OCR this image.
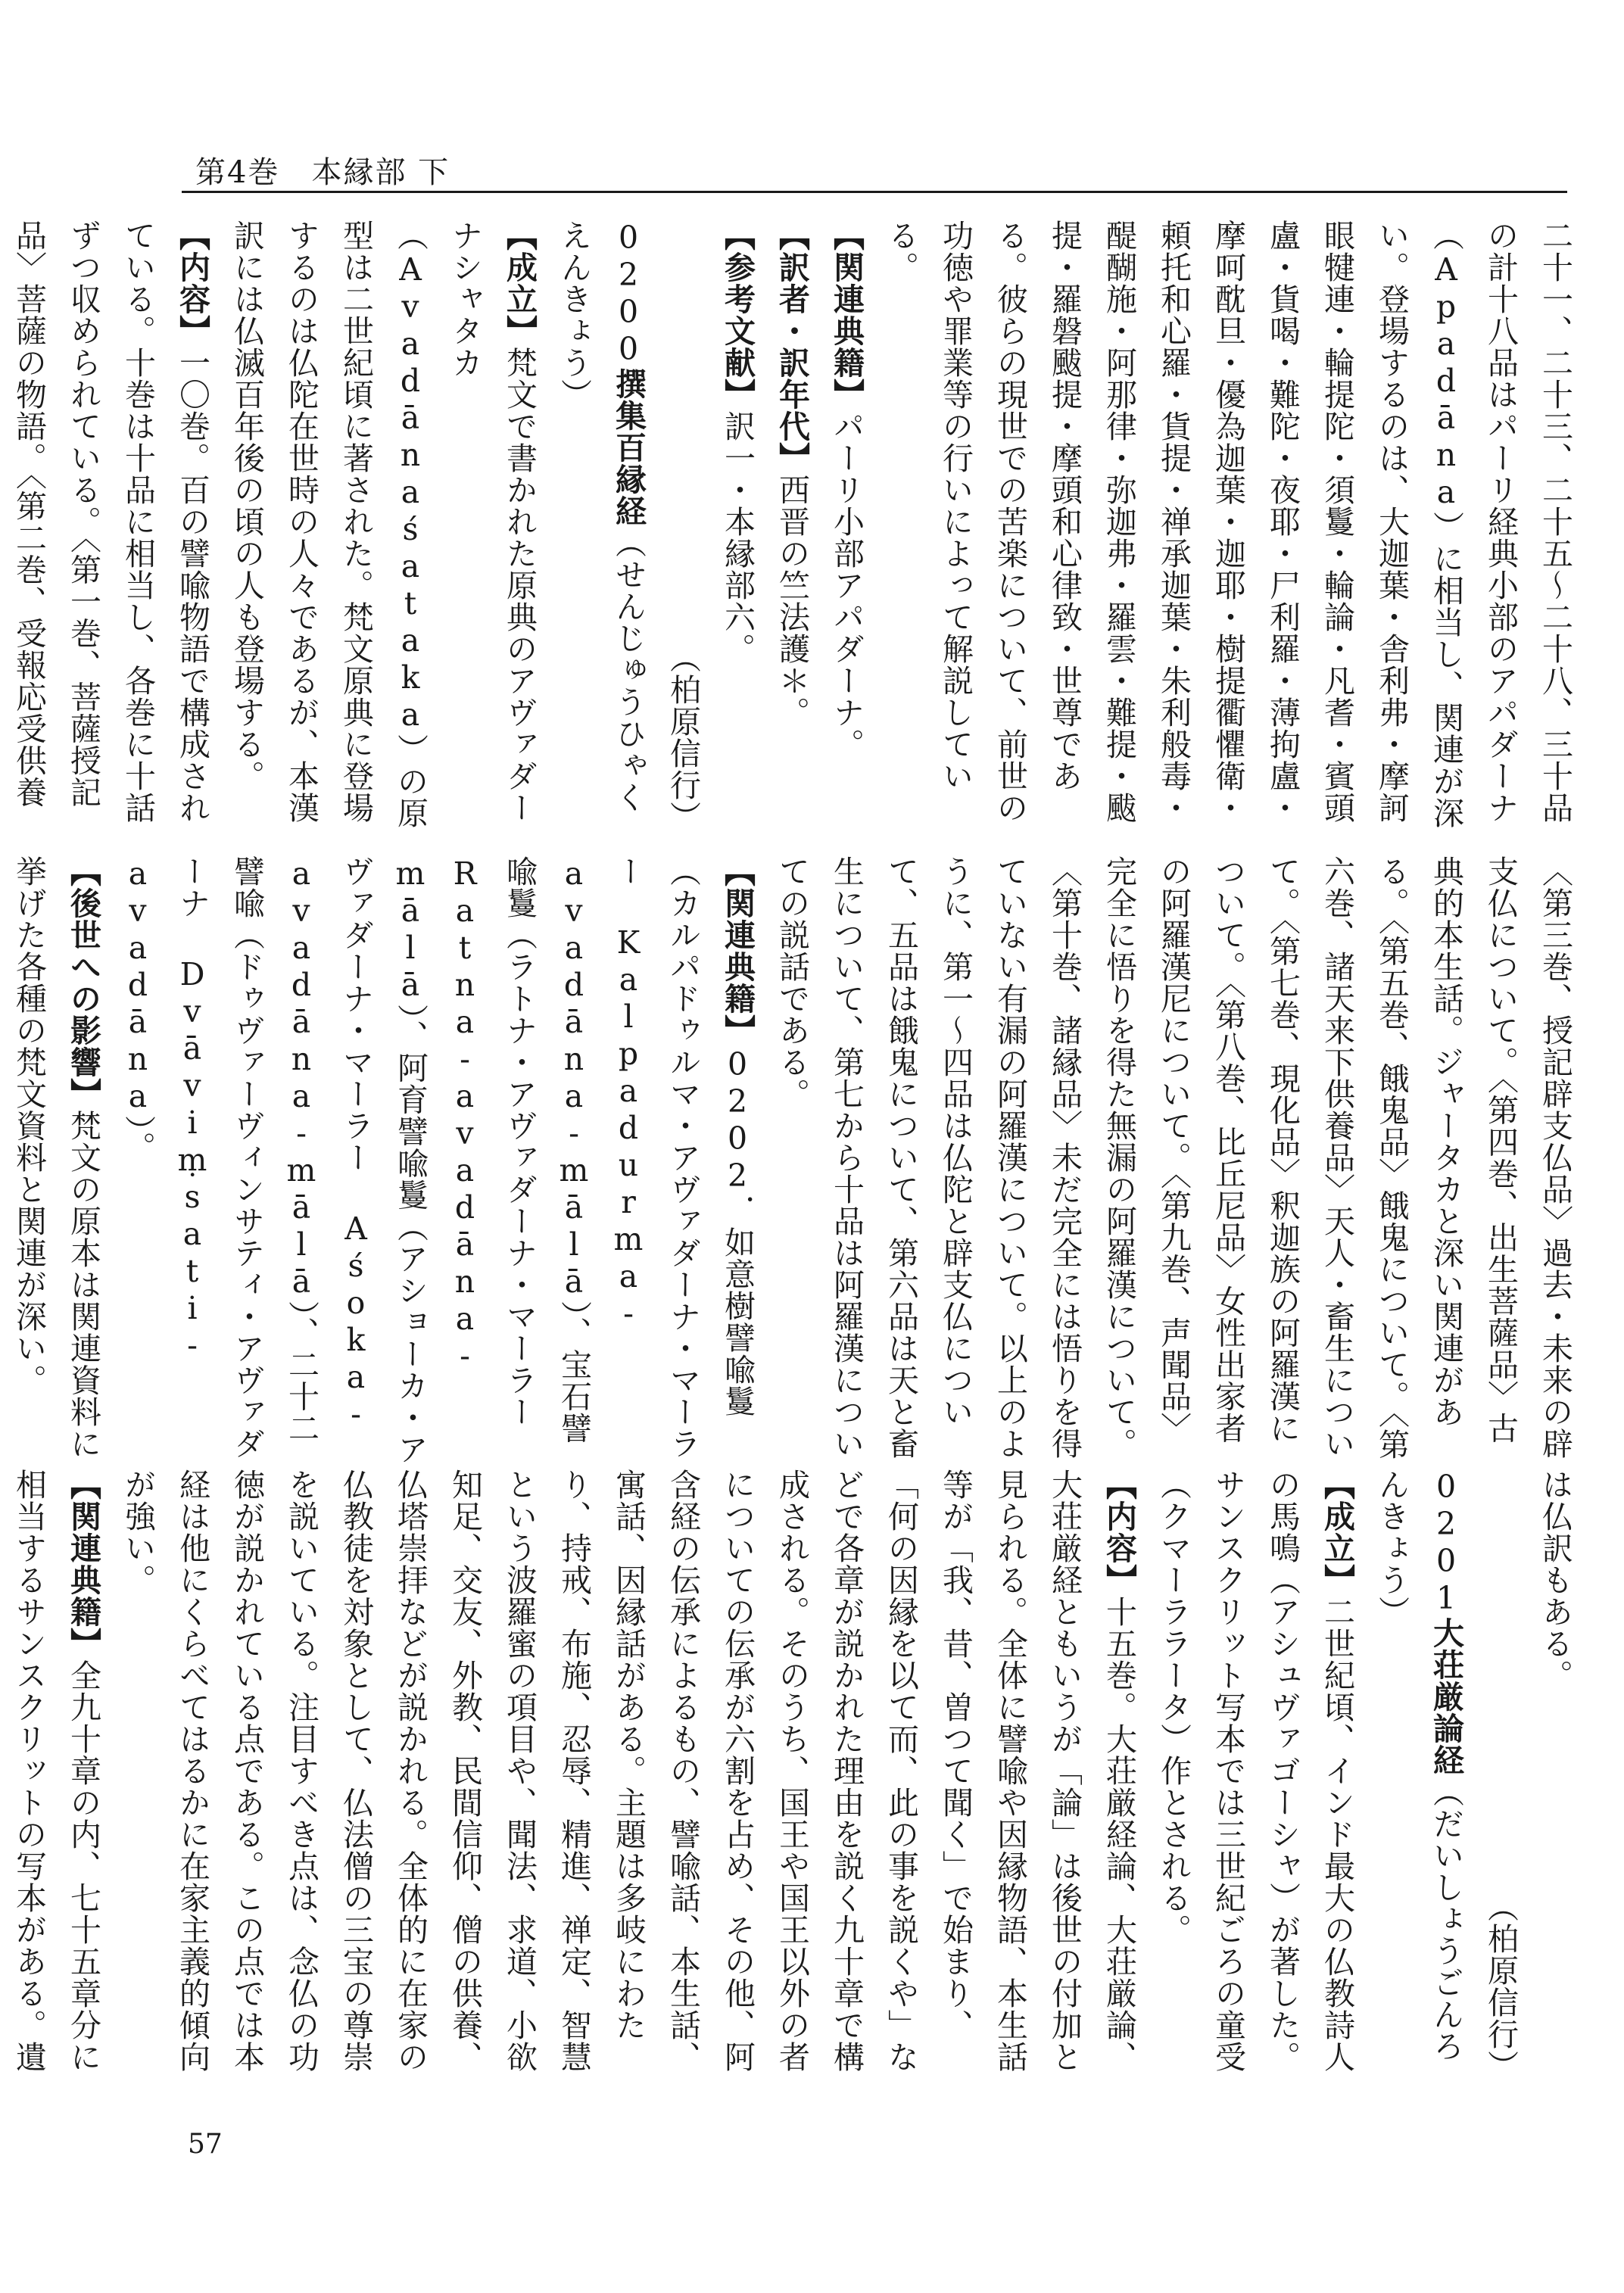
第4巻　本縁部 下
二十一、二十三、二十五〜二十八、三十品の計十八品はパーリ経典小部のアパダーナ（Apadāna）に相当し、関連が深い。登場するのは、大迦葉・舎利弗・摩訶眼犍連・輪提陀・須鬘・輪論・凡耆・賓頭盧・貨喝・難陀・夜耶・尸利羅・薄拘盧・摩呵酖旦・優為迦葉・迦耶・樹提衢懼衛・頼托和心羅・貨提・禅承迦葉・朱利般毒・醍醐施・阿那律・弥迦弗・羅雲・難提・颰提・羅磐颰提・摩頭和心律致・世尊である。彼らの現世での苦楽について、前世の功徳や罪業等の行いによって解説している。
【関連典籍】パーリ小部アパダーナ。
【訳者・訳年代】西晋の竺法護＊。
【参考文献】訳一・本縁部六。
（柏原信行）
0200撰集百縁経（せんじゅうひゃくえんきょう）
【成立】梵文で書かれた原典のアヴァダーナシャタカ（Avadānaśataka）の原型は二世紀頃に著された。梵文原典に登場するのは仏陀在世時の人々であるが、本漢訳には仏滅百年後の頃の人も登場する。
【内容】一〇巻。百の譬喩物語で構成されている。十巻は十品に相当し、各巻に十話ずつ収められている。〈第一巻、菩薩授記品〉菩薩の物語。〈第二巻、受報応受供養
〈第三巻、授記辟支仏品〉過去・未来の辟支仏について。〈第四巻、出生菩薩品〉古典的本生話。ジャータカと深い関連がある。〈第五巻、餓鬼品〉餓鬼について。〈第六巻、諸天来下供養品〉天人・畜生について。〈第七巻、現化品〉釈迦族の阿羅漢について。〈第八巻、比丘尼品〉女性出家者の阿羅漢尼について。〈第九巻、声聞品〉完全に悟りを得た無漏の阿羅漢について。〈第十巻、諸縁品〉未だ完全には悟りを得ていない有漏の阿羅漢について。以上のように、第一〜四品は仏陀と辟支仏について、五品は餓鬼について、第六品は天と畜生について、第七から十品は阿羅漢についての説話である。
【関連典籍】0202．如意樹譬喩鬘（カルパドゥルマ・アヴァダーナ・マーラー Kalpadurma-avadāna-mālā）、宝石譬喩鬘（ラトナ・アヴァダーナ・マーラー Ratna-avadāna-mālā）、阿育譬喩鬘（アショーカ・アヴァダーナ・マーラー Aśoka-avadāna-mālā）、二十二譬喩（ドゥヴァーヴィンサティ・アヴァダーナ Dvāviṃsati-avadāna）。
【後世への影響】梵文の原本は関連資料に挙げた各種の梵文資料と関連が深い。
は仏訳もある。
（柏原信行）
0201大荘厳論経（だいしょうごんろんきょう）
【成立】二世紀頃、インド最大の仏教詩人の馬鳴（アシュヴァゴーシャ）が著した。サンスクリット写本では三世紀ごろの童受（クマーララータ）作とされる。
【内容】十五巻。大荘厳経論、大荘厳論、大荘厳経ともいうが「論」は後世の付加と見られる。全体に譬喩や因縁物語、本生話等が「我、昔、曽つて聞く」で始まり、「何の因縁を以て而、此の事を説くや」などで各章が説かれた理由を説く九十章で構成される。そのうち、国王や国王以外の者についての伝承が六割を占め、その他、阿含経の伝承によるもの、譬喩話、本生話、寓話、因縁話がある。主題は多岐にわたり、持戒、布施、忍辱、精進、禅定、智慧という波羅蜜の項目や、聞法、求道、小欲知足、交友、外教、民間信仰、僧の供養、仏塔崇拝などが説かれる。全体的に在家の仏教徒を対象として、仏法僧の三宝の尊崇を説いている。注目すべき点は、念仏の功徳が説かれている点である。この点では本経は他にくらべてはるかに在家主義的傾向が強い。
【関連典籍】全九十章の内、七十五章分に相当するサンスクリットの写本がある。遺
57
